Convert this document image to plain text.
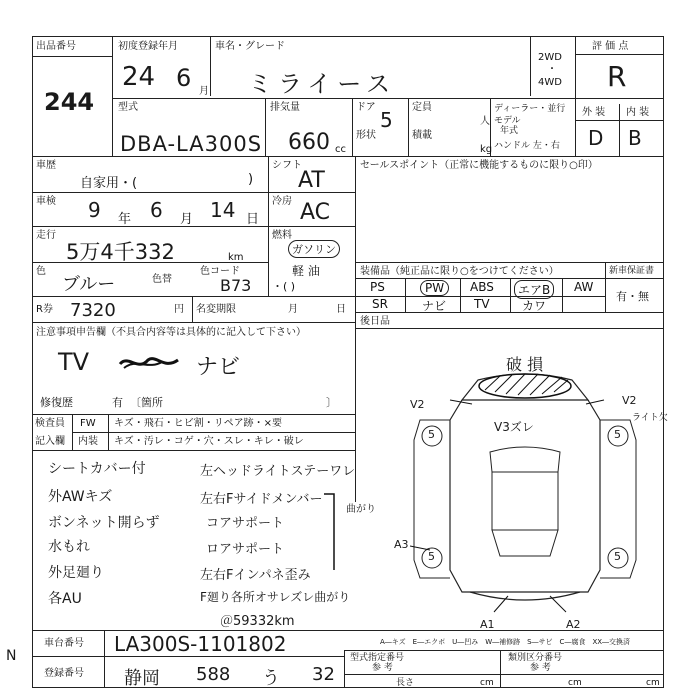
出品番号
244
初度登録年月
24 6 月
車名・グレード
ミライース
2WD
・
4WD
評 価 点
R
型式
DBA-LA300S
排気量
660 cc
ドア
5
定員
人
形状	積載
kg
ディーラー・並行
モデル
年式
ハンドル 左・右
外 装 内 装
D B
車歴
自家用・(	)
車検 9 年 6 月 14 日
走行
5万4千332	km
色
ブルー	色替
色コード
B73
シフト
AT
冷房 AC
燃料
ガソリン
軽 油
・( )
R券 7320	円 名変期限	月	日
セールスポイント（正常に機能するものに限り○印）
装備品（純正品に限り○をつけてください）	新車保証書
有・無
PS	PW	ABS	エアB	AW
SR	ナビ TV	カワ
後日品
注意事項申告欄（不具合内容等は具体的に記入して下さい）
TV	ナビ
修復歴	有 〔箇所	〕
検査員
記入欄
FW キズ・飛石・ヒビ割・リペア跡・×要
内装 キズ・汚レ・コゲ・穴・スレ・キレ・破レ
シートカバー付
外AWキズ
ボンネット開らず
水もれ
外足廻り
各AU
左ヘッドライトステーワレ
左右Fサイドメンバー
コアサポート
ロアサポート
左右Fインパネ歪み
F廻り各所オサレズレ曲がり
＠59332km
曲がり
破 損
V2
V3ズレ
V2
ライト欠
A3
A1	A2
5	5
5	5
A―キズ　E―エクボ　U―凹み　W―補修跡　S―サビ　C―腐食　XX―交換済
車台番号 LA300S-1101802
登録番号 静岡 588 う 32
型式指定番号
参 考
類別区分番号
参 考
長さ	cm	cm	cm
N
